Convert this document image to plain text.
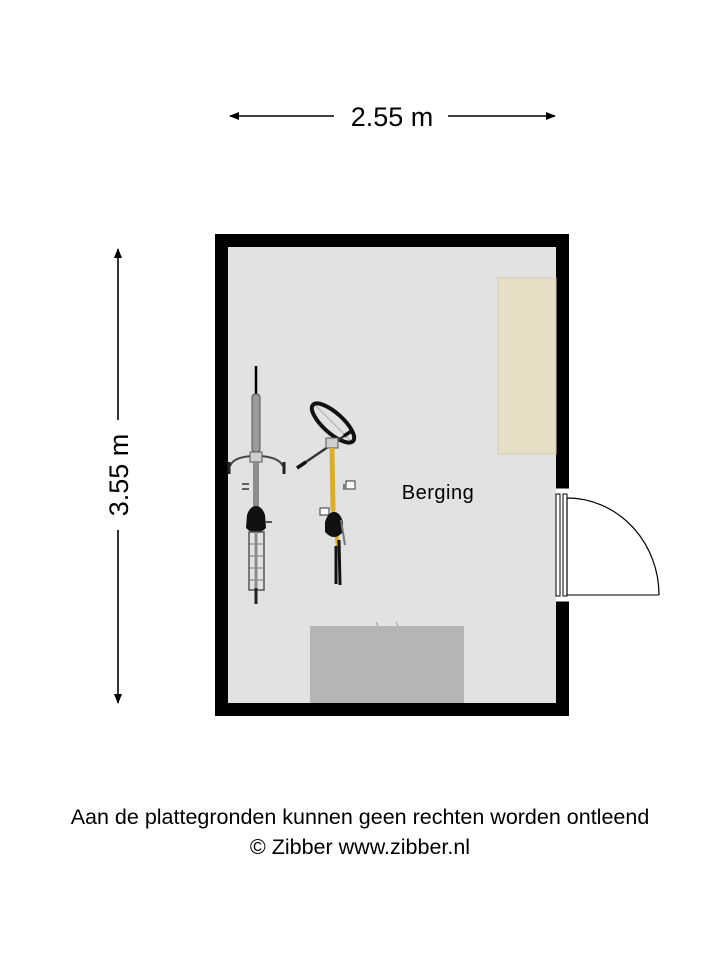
2.55 m
3.55 m	Berging
Aan de plattegronden kunnen geen rechten worden ontleend
© Zibber www.zibber.nl
